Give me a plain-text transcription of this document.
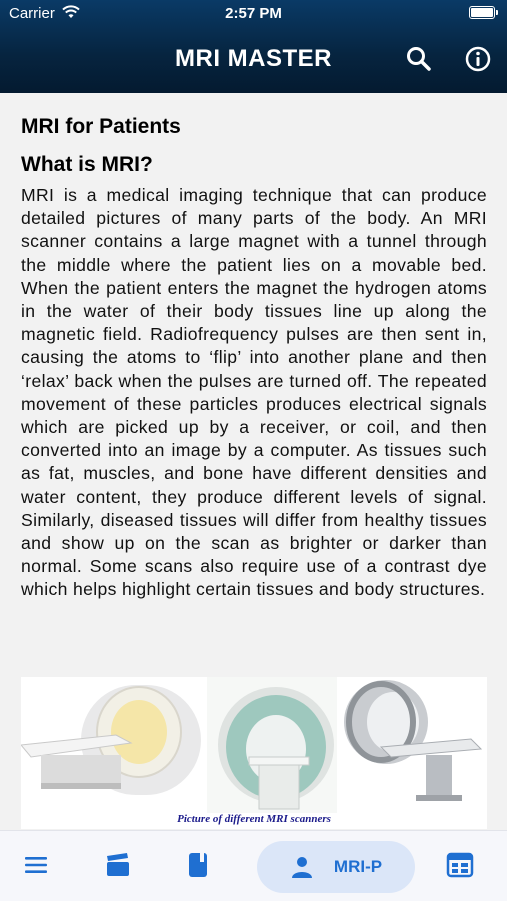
Carrier	2:57 PM
MRI MASTER
MRI for Patients
What is MRI?

MRI is a medical imaging technique that can produce detailed pictures of many parts of the body. An MRI scanner contains a large magnet with a tunnel through the middle where the patient lies on a movable bed. When the patient enters the magnet the hydrogen atoms in the water of their body tissues line up along the magnetic field. Radiofrequency pulses are then sent in, causing the atoms to ‘flip’ into another plane and then ‘relax’ back when the pulses are turned off. The repeated movement of these particles produces electrical signals which are picked up by a receiver, or coil, and then converted into an image by a computer. As tissues such as fat, muscles, and bone have different densities and water content, they produce different levels of signal. Similarly, diseased tissues will differ from healthy tissues and show up on the scan as brighter or darker than normal. Some scans also require use of a contrast dye which helps highlight certain tissues and body structures.

Picture of different MRI scanners
MRI-P
